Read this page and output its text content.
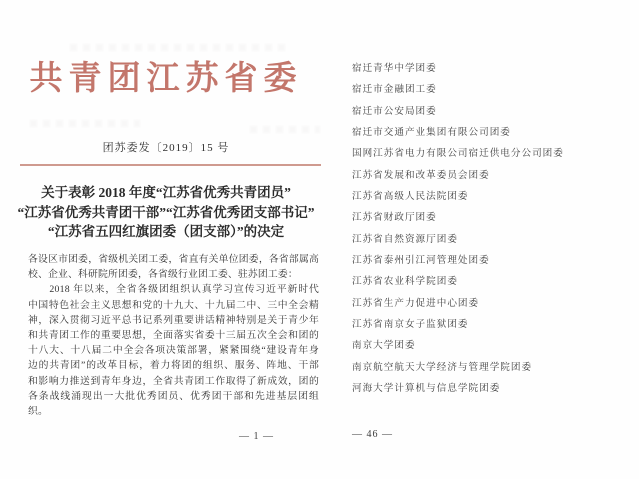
共青团江苏省委
团苏委发〔2019〕15 号
关于表彰 2018 年度“江苏省优秀共青团员”
“江苏省优秀共青团干部”“江苏省优秀团支部书记”
“江苏省五四红旗团委（团支部）”的决定
各设区市团委，省级机关团工委，省直有关单位团委，各省部属高
校、企业、科研院所团委，各省级行业团工委、驻苏团工委：
　　2018 年以来，全省各级团组织认真学习宣传习近平新时代
中国特色社会主义思想和党的十九大、十九届二中、三中全会精
神，深入贯彻习近平总书记系列重要讲话精神特别是关于青少年
和共青团工作的重要思想，全面落实省委十三届五次全会和团的
十八大、十八届二中全会各项决策部署，紧紧围绕“建设青年身
边的共青团”的改革目标，着力将团的组织、服务、阵地、干部
和影响力推送到青年身边，全省共青团工作取得了新成效，团的
各条战线涌现出一大批优秀团员、优秀团干部和先进基层团组
织。
— 1 —
宿迁青华中学团委
宿迁市金融团工委
宿迁市公安局团委
宿迁市交通产业集团有限公司团委
国网江苏省电力有限公司宿迁供电分公司团委
江苏省发展和改革委员会团委
江苏省高级人民法院团委
江苏省财政厅团委
江苏省自然资源厅团委
江苏省泰州引江河管理处团委
江苏省农业科学院团委
江苏省生产力促进中心团委
江苏省南京女子监狱团委
南京大学团委
南京航空航天大学经济与管理学院团委
河海大学计算机与信息学院团委
— 46 —
